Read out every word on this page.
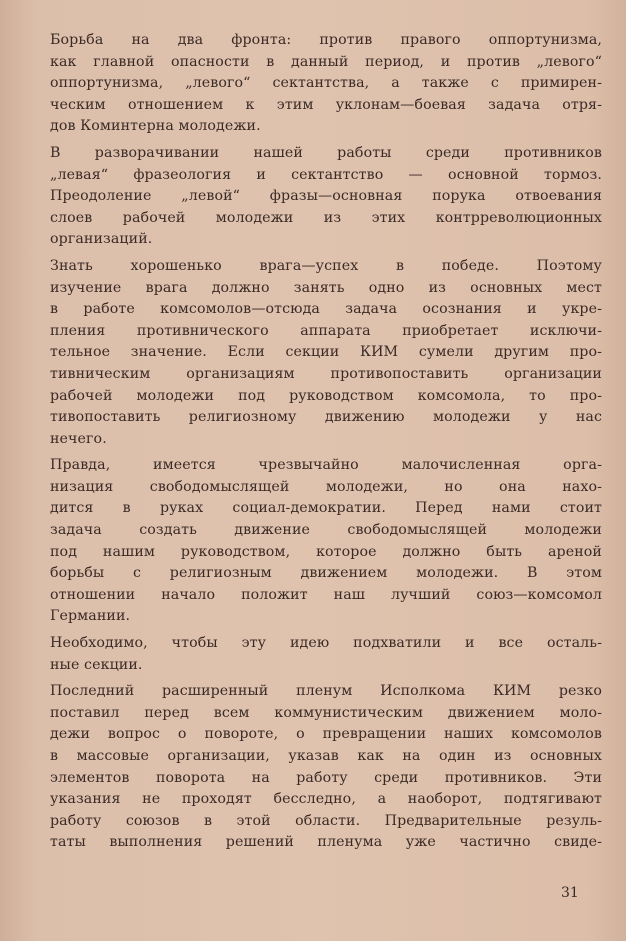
Борьба на два фронта: против правого оппортунизма,
как главной опасности в данный период, и против „левого“
оппортунизма, „левого“ сектантства, а также с примирен-
ческим отношением к этим уклонам—боевая задача отря-
дов Коминтерна молодежи.
В разворачивании нашей работы среди противников
„левая“ фразеология и сектантство — основной тормоз.
Преодоление „левой“ фразы—основная порука отвоевания
слоев рабочей молодежи из этих контрреволюционных
организаций.
Знать хорошенько врага—успех в победе. Поэтому
изучение врага должно занять одно из основных мест
в работе комсомолов—отсюда задача осознания и укре-
пления противнического аппарата приобретает исключи-
тельное значение. Если секции КИМ сумели другим про-
тивническим организациям противопоставить организации
рабочей молодежи под руководством комсомола, то про-
тивопоставить религиозному движению молодежи у нас
нечего.
Правда, имеется чрезвычайно малочисленная орга-
низация свободомыслящей молодежи, но она нахо-
дится в руках социал-демократии. Перед нами стоит
задача создать движение свободомыслящей молодежи
под нашим руководством, которое должно быть ареной
борьбы с религиозным движением молодежи. В этом
отношении начало положит наш лучший союз—комсомол
Германии.
Необходимо, чтобы эту идею подхватили и все осталь-
ные секции.
Последний расширенный пленум Исполкома КИМ резко
поставил перед всем коммунистическим движением моло-
дежи вопрос о повороте, о превращении наших комсомолов
в массовые организации, указав как на один из основных
элементов поворота на работу среди противников. Эти
указания не проходят бесследно, а наоборот, подтягивают
работу союзов в этой области. Предварительные резуль-
таты выполнения решений пленума уже частично свиде-
31
